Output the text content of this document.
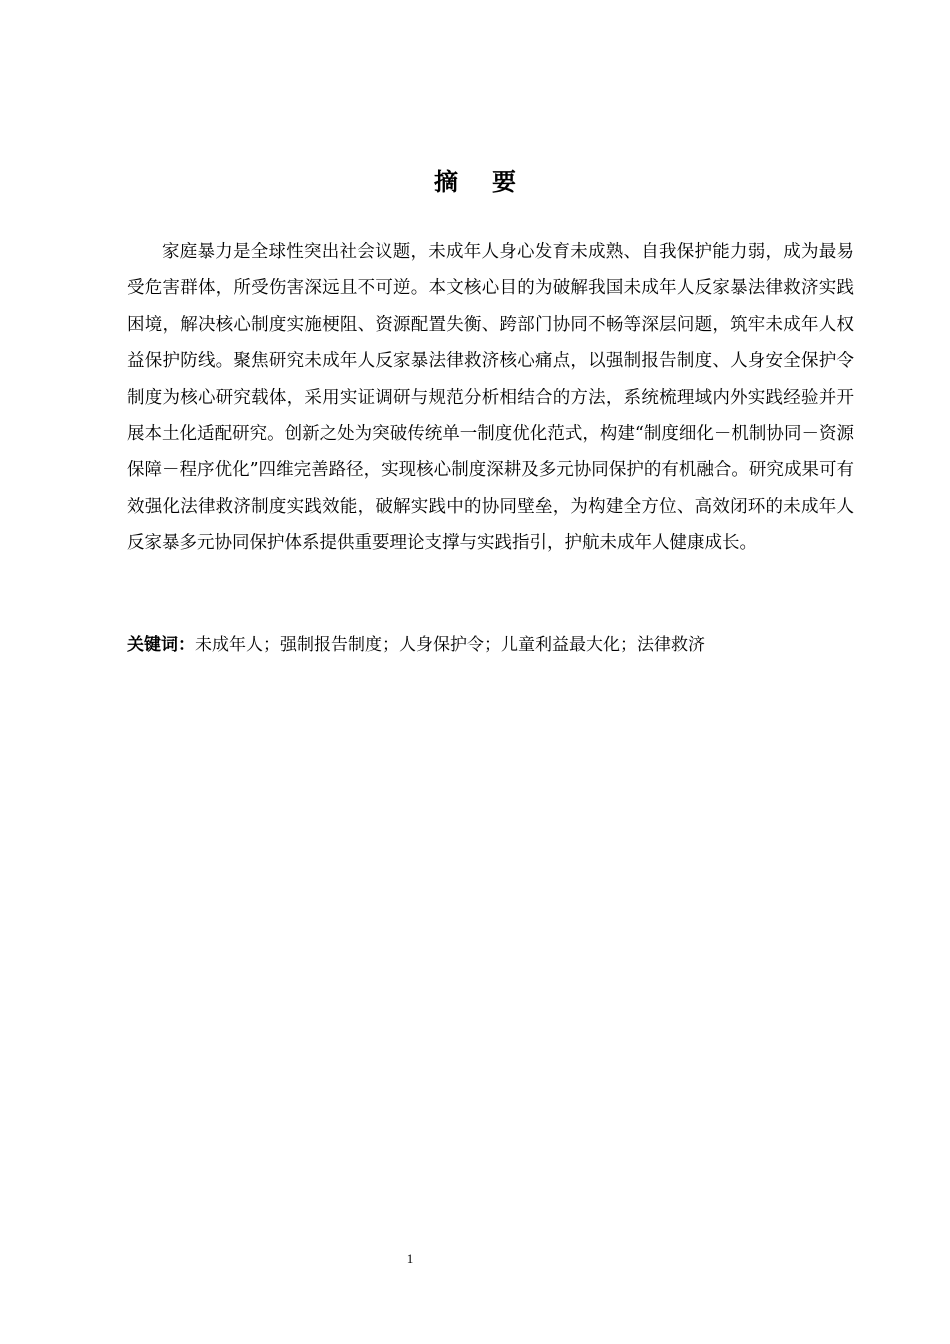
摘要

家庭暴力是全球性突出社会议题，未成年人身心发育未成熟、自我保护能力弱，成为最易受危害群体，所受伤害深远且不可逆。本文核心目的为破解我国未成年人反家暴法律救济实践困境，解决核心制度实施梗阻、资源配置失衡、跨部门协同不畅等深层问题，筑牢未成年人权益保护防线。聚焦研究未成年人反家暴法律救济核心痛点，以强制报告制度、人身安全保护令制度为核心研究载体，采用实证调研与规范分析相结合的方法，系统梳理域内外实践经验并开展本土化适配研究。创新之处为突破传统单一制度优化范式，构建“制度细化－机制协同－资源保障－程序优化”四维完善路径，实现核心制度深耕及多元协同保护的有机融合。研究成果可有效强化法律救济制度实践效能，破解实践中的协同壁垒，为构建全方位、高效闭环的未成年人反家暴多元协同保护体系提供重要理论支撑与实践指引，护航未成年人健康成长。

关键词：未成年人；强制报告制度；人身保护令；儿童利益最大化；法律救济
1
